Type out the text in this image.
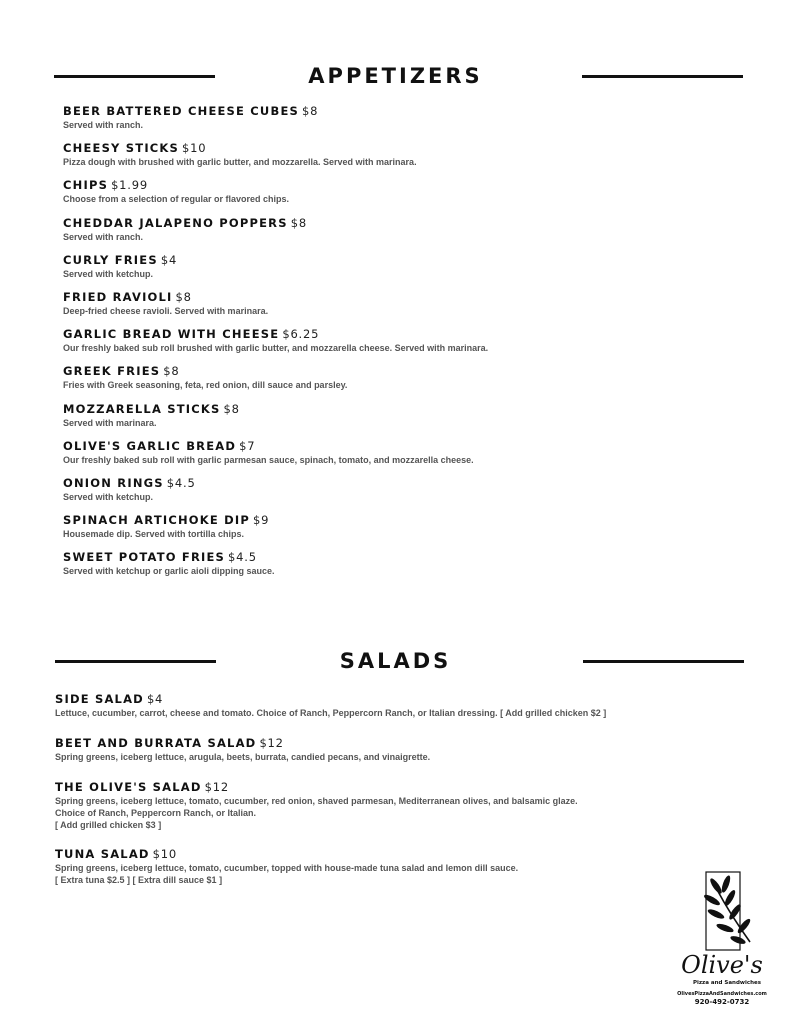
APPETIZERS
BEER BATTERED CHEESE CUBES $8
Served with ranch.
CHEESY STICKS $10
Pizza dough with brushed with garlic butter, and mozzarella. Served with marinara.
CHIPS $1.99
Choose from a selection of regular or flavored chips.
CHEDDAR JALAPENO POPPERS $8
Served with ranch.
CURLY FRIES $4
Served with ketchup.
FRIED RAVIOLI $8
Deep-fried cheese ravioli. Served with marinara.
GARLIC BREAD WITH CHEESE $6.25
Our freshly baked sub roll brushed with garlic butter, and mozzarella cheese. Served with marinara.
GREEK FRIES $8
Fries with Greek seasoning, feta, red onion, dill sauce and parsley.
MOZZARELLA STICKS $8
Served with marinara.
OLIVE'S GARLIC BREAD $7
Our freshly baked sub roll with garlic parmesan sauce, spinach, tomato, and mozzarella cheese.
ONION RINGS $4.5
Served with ketchup.
SPINACH ARTICHOKE DIP $9
Housemade dip. Served with tortilla chips.
SWEET POTATO FRIES $4.5
Served with ketchup or garlic aioli dipping sauce.
SALADS
SIDE SALAD $4
Lettuce, cucumber, carrot, cheese and tomato. Choice of Ranch, Peppercorn Ranch, or Italian dressing. [ Add grilled chicken $2 ]
BEET AND BURRATA SALAD $12
Spring greens, iceberg lettuce, arugula, beets, burrata, candied pecans, and vinaigrette.
THE OLIVE'S SALAD $12
Spring greens, iceberg lettuce, tomato, cucumber, red onion, shaved parmesan, Mediterranean olives, and balsamic glaze.
Choice of Ranch, Peppercorn Ranch, or Italian.
[ Add grilled chicken $3 ]
TUNA SALAD $10
Spring greens, iceberg lettuce, tomato, cucumber, topped with house-made tuna salad and lemon dill sauce.
[ Extra tuna $2.5 ] [ Extra dill sauce $1 ]
Olive's
Pizza and Sandwiches
OlivesPizzaAndSandwiches.com
920-492-0732
